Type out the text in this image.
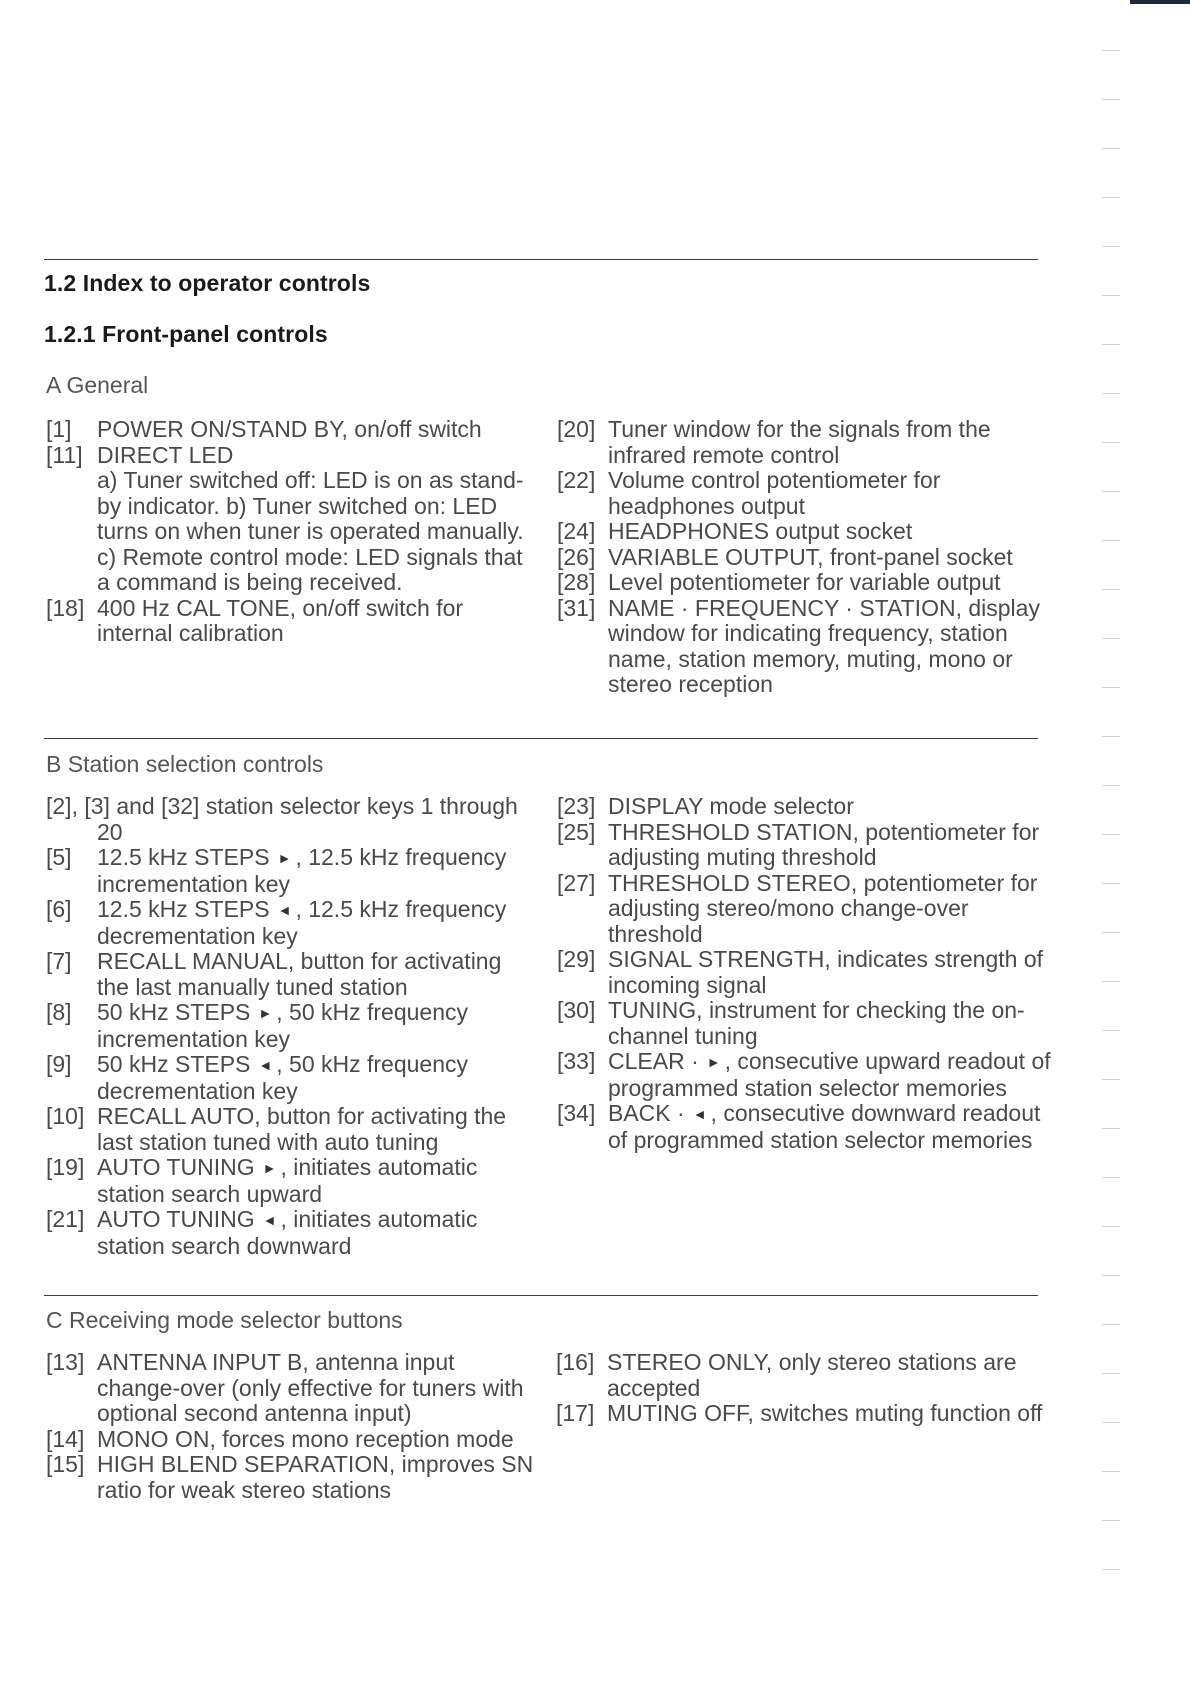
1.2 Index to operator controls
1.2.1 Front-panel controls
A General
[1]	POWER ON/STAND BY, on/off switch
[11] DIRECT LED
a) Tuner switched off: LED is on as stand-by indicator. b) Tuner switched on: LED turns on when tuner is operated manually. c) Remote control mode: LED signals that a command is being received.
[18] 400 Hz CAL TONE, on/off switch for internal calibration
[20] Tuner window for the signals from the infrared remote control
[22] Volume control potentiometer for headphones output
[24] HEADPHONES output socket
[26] VARIABLE OUTPUT, front-panel socket
[28] Level potentiometer for variable output
[31] NAME · FREQUENCY · STATION, display window for indicating frequency, station name, station memory, muting, mono or stereo reception
B Station selection controls
[2], [3] and [32] station selector keys 1 through 20
[5]	12.5 kHz STEPS ► , 12.5 kHz frequency incrementation key
[6]	12.5 kHz STEPS ◄ , 12.5 kHz frequency decrementation key
[7]	RECALL MANUAL, button for activating the last manually tuned station
[8]	50 kHz STEPS ► , 50 kHz frequency incrementation key
[9]	50 kHz STEPS ◄ , 50 kHz frequency decrementation key
[10] RECALL AUTO, button for activating the last station tuned with auto tuning
[19] AUTO TUNING ► , initiates automatic station search upward
[21] AUTO TUNING ◄ , initiates automatic station search downward
[23] DISPLAY mode selector
[25] THRESHOLD STATION, potentiometer for adjusting muting threshold
[27] THRESHOLD STEREO, potentiometer for adjusting stereo/mono change-over threshold
[29] SIGNAL STRENGTH, indicates strength of incoming signal
[30] TUNING, instrument for checking the on-channel tuning
[33] CLEAR · ► , consecutive upward readout of programmed station selector memories
[34] BACK · ◄ , consecutive downward readout of programmed station selector memories
C Receiving mode selector buttons
[13] ANTENNA INPUT B, antenna input change-over (only effective for tuners with optional second antenna input)
[14] MONO ON, forces mono reception mode
[15] HIGH BLEND SEPARATION, improves SN ratio for weak stereo stations
[16] STEREO ONLY, only stereo stations are accepted
[17] MUTING OFF, switches muting function off
